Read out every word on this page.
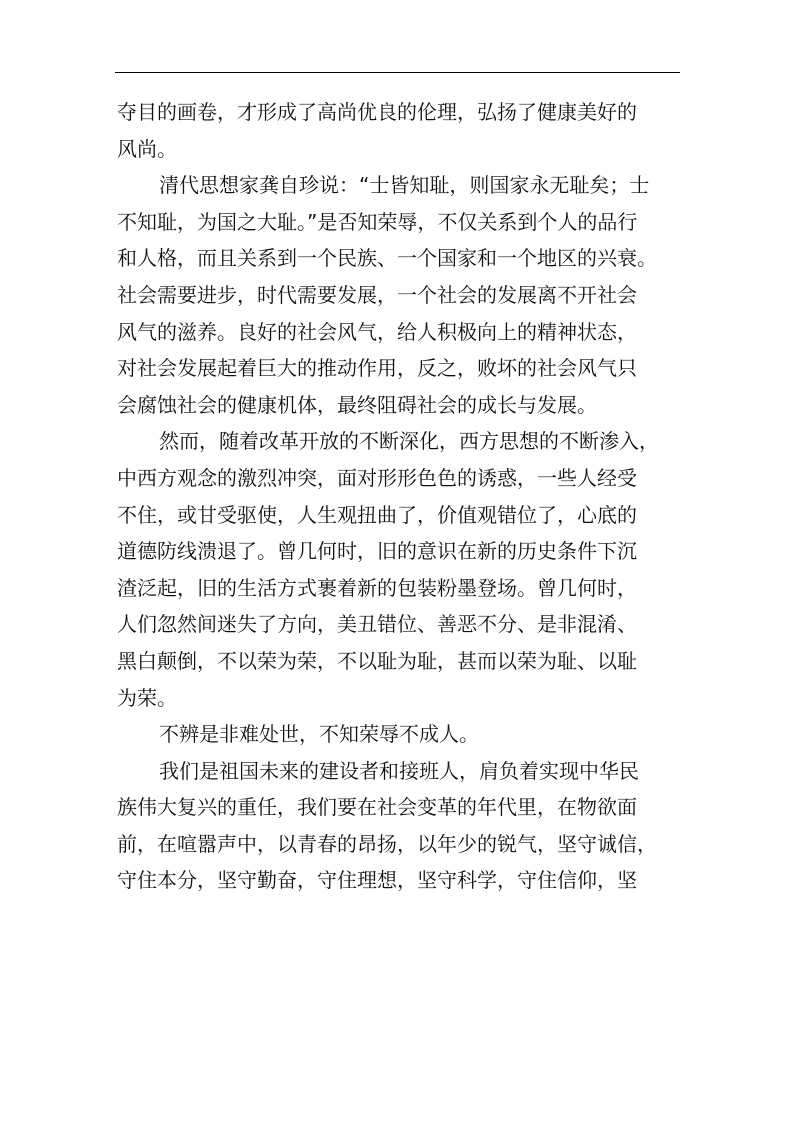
夺目的画卷，才形成了高尚优良的伦理，弘扬了健康美好的
风尚。
清代思想家龚自珍说：“士皆知耻，则国家永无耻矣；士
不知耻，为国之大耻。”是否知荣辱，不仅关系到个人的品行
和人格，而且关系到一个民族、一个国家和一个地区的兴衰。
社会需要进步，时代需要发展，一个社会的发展离不开社会
风气的滋养。良好的社会风气，给人积极向上的精神状态，
对社会发展起着巨大的推动作用，反之，败坏的社会风气只
会腐蚀社会的健康机体，最终阻碍社会的成长与发展。
然而，随着改革开放的不断深化，西方思想的不断渗入，
中西方观念的激烈冲突，面对形形色色的诱惑，一些人经受
不住，或甘受驱使，人生观扭曲了，价值观错位了，心底的
道德防线溃退了。曾几何时，旧的意识在新的历史条件下沉
渣泛起，旧的生活方式裹着新的包装粉墨登场。曾几何时，
人们忽然间迷失了方向，美丑错位、善恶不分、是非混淆、
黑白颠倒，不以荣为荣，不以耻为耻，甚而以荣为耻、以耻
为荣。
不辨是非难处世，不知荣辱不成人。
我们是祖国未来的建设者和接班人，肩负着实现中华民
族伟大复兴的重任，我们要在社会变革的年代里，在物欲面
前，在喧嚣声中，以青春的昂扬，以年少的锐气，坚守诚信，
守住本分，坚守勤奋，守住理想，坚守科学，守住信仰，坚
